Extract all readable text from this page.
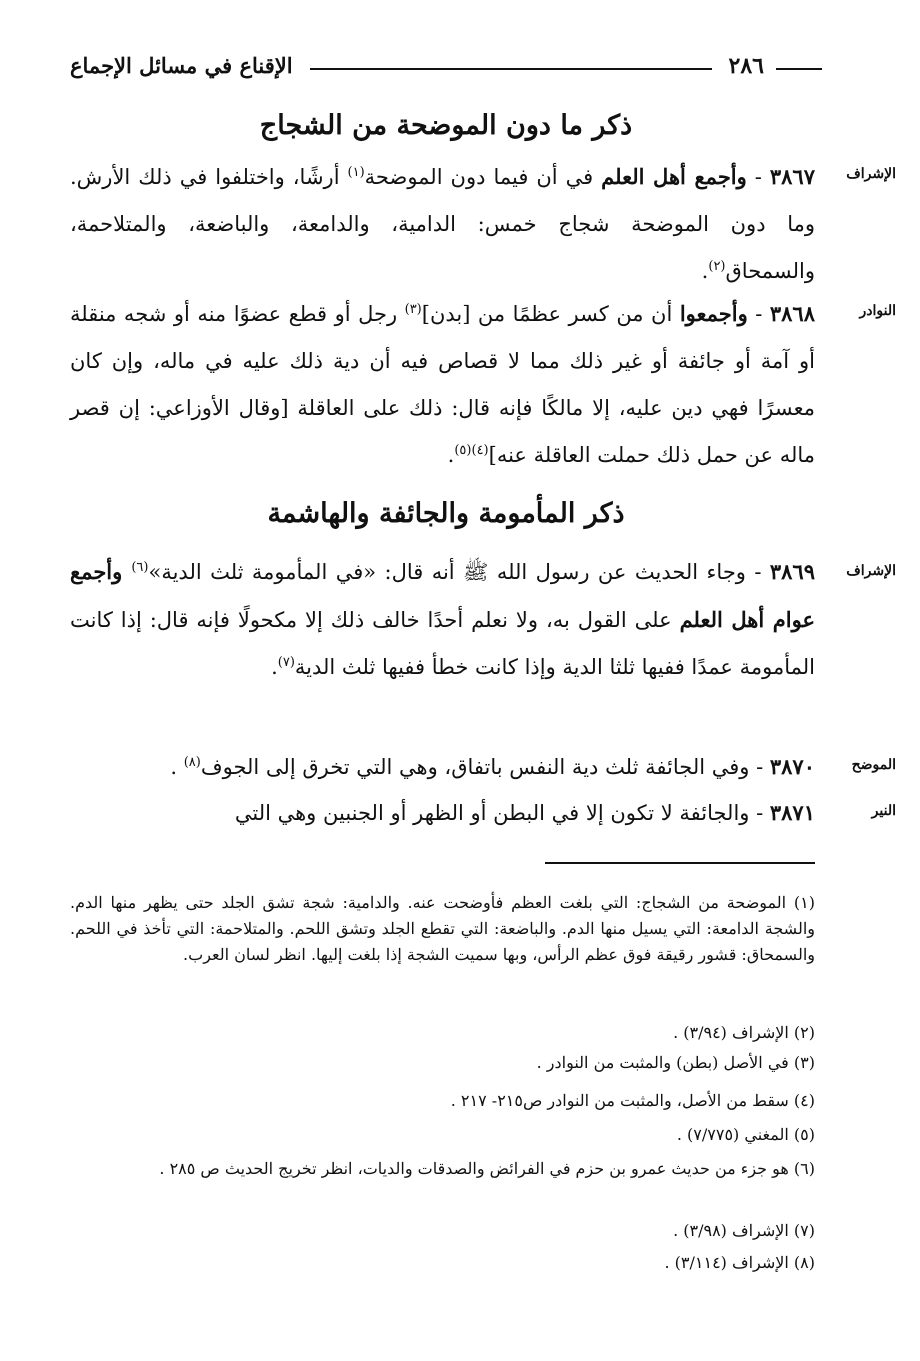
الإقناع في مسائل الإجماع	٢٨٦
ذكر ما دون الموضحة من الشجاج
الإشراف
٣٨٦٧ - وأجمع أهل العلم في أن فيما دون الموضحة$^{(١)}$ أرشًا، واختلفوا في ذلك الأرش. وما دون الموضحة شجاج خمس: الدامية، والدامعة، والباضعة، والمتلاحمة، والسمحاق$^{(٢)}$.
النوادر
٣٨٦٨ - وأجمعوا أن من كسر عظمًا من [بدن]$^{(٣)}$ رجل أو قطع عضوًا منه أو شجه منقلة أو آمة أو جائفة أو غير ذلك مما لا قصاص فيه أن دية ذلك عليه في ماله، وإن كان معسرًا فهي دين عليه، إلا مالكًا فإنه قال: ذلك على العاقلة [وقال الأوزاعي: إن قصر ماله عن حمل ذلك حملت العاقلة عنه]$^{(٤)(٥)}$.
ذكر المأمومة والجائفة والهاشمة
الإشراف
٣٨٦٩ - وجاء الحديث عن رسول الله ﷺ أنه قال: «في المأمومة ثلث الدية»$^{(٦)}$ وأجمع عوام أهل العلم على القول به، ولا نعلم أحدًا خالف ذلك إلا مكحولًا فإنه قال: إذا كانت المأمومة عمدًا ففيها ثلثا الدية وإذا كانت خطأ ففيها ثلث الدية$^{(٧)}$.
الموضح
٣٨٧٠ - وفي الجائفة ثلث دية النفس باتفاق، وهي التي تخرق إلى الجوف$^{(٨)}$ .
النير
٣٨٧١ - والجائفة لا تكون إلا في البطن أو الظهر أو الجنبين وهي التي
(١) الموضحة من الشجاج: التي بلغت العظم فأوضحت عنه. والدامية: شجة تشق الجلد حتى يظهر منها الدم. والشجة الدامعة: التي يسيل منها الدم. والباضعة: التي تقطع الجلد وتشق اللحم. والمتلاحمة: التي تأخذ في اللحم. والسمحاق: قشور رقيقة فوق عظم الرأس، وبها سميت الشجة إذا بلغت إليها. انظر لسان العرب.
(٢) الإشراف (٣/٩٤) .
(٣) في الأصل (بطن) والمثبت من النوادر .
(٤) سقط من الأصل، والمثبت من النوادر ص٢١٥- ٢١٧ .
(٥) المغني (٧/٧٧٥) .
(٦) هو جزء من حديث عمرو بن حزم في الفرائض والصدقات والديات، انظر تخريج الحديث ص ٢٨٥ .
(٧) الإشراف (٣/٩٨) .
(٨) الإشراف (٣/١١٤) .
